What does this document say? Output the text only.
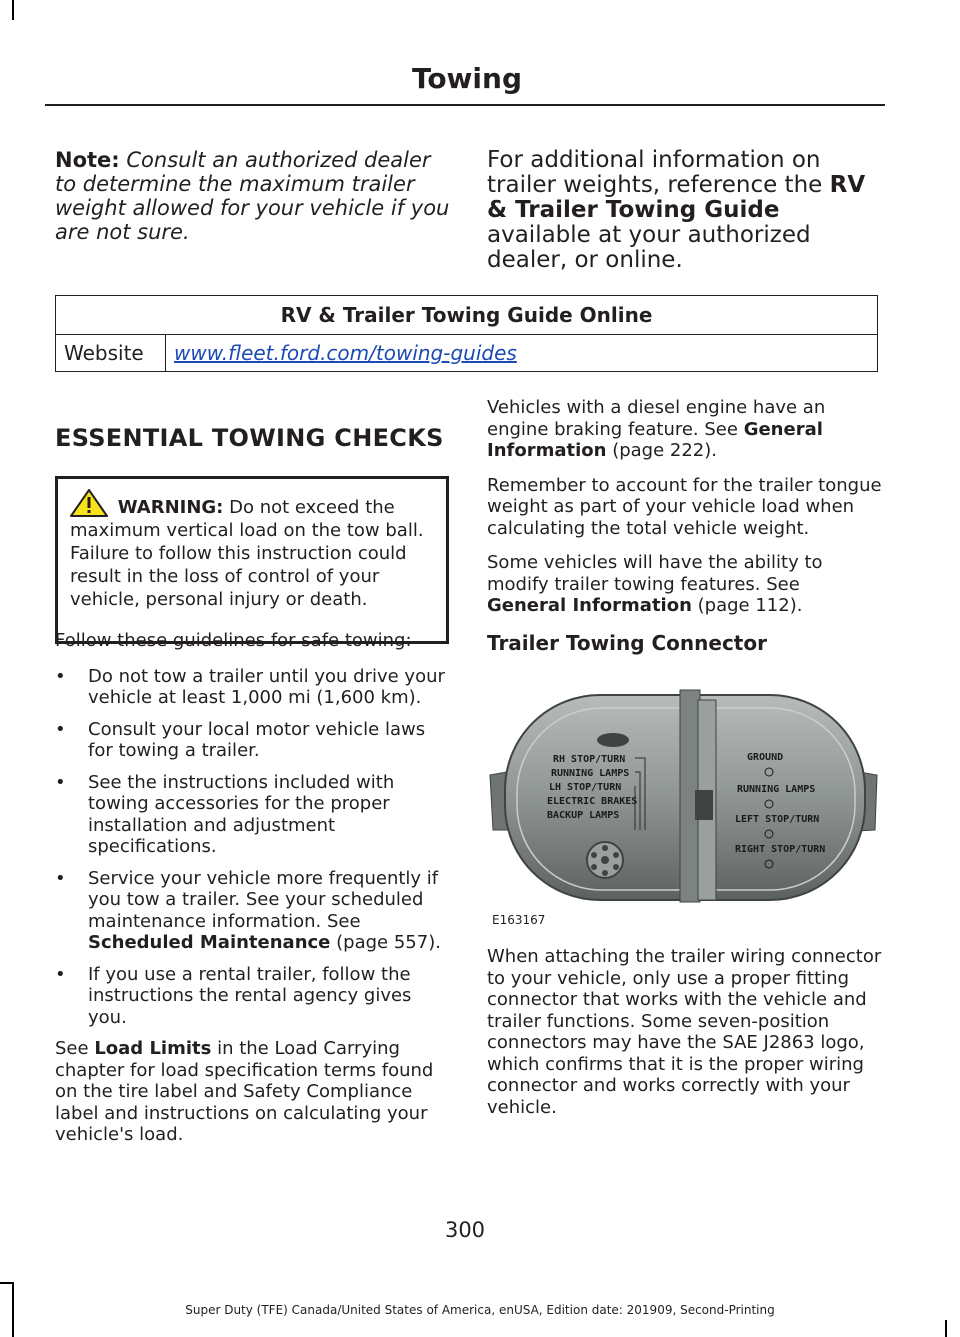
Towing
Note: Consult an authorized dealer to determine the maximum trailer weight allowed for your vehicle if you are not sure.
For additional information on trailer weights, reference the RV & Trailer Towing Guide available at your authorized dealer, or online.
RV & Trailer Towing Guide Online
Website	www.fleet.ford.com/towing-guides
ESSENTIAL TOWING CHECKS
WARNING: Do not exceed the maximum vertical load on the tow ball. Failure to follow this instruction could result in the loss of control of your vehicle, personal injury or death.

Follow these guidelines for safe towing:

• Do not tow a trailer until you drive your vehicle at least 1,000 mi (1,600 km).
• Consult your local motor vehicle laws for towing a trailer.
• See the instructions included with towing accessories for the proper installation and adjustment specifications.
• Service your vehicle more frequently if you tow a trailer. See your scheduled maintenance information. See Scheduled Maintenance (page 557).
• If you use a rental trailer, follow the instructions the rental agency gives you.

See Load Limits in the Load Carrying chapter for load specification terms found on the tire label and Safety Compliance label and instructions on calculating your vehicle's load.

Vehicles with a diesel engine have an engine braking feature. See General Information (page 222).

Remember to account for the trailer tongue weight as part of your vehicle load when calculating the total vehicle weight.

Some vehicles will have the ability to modify trailer towing features. See General Information (page 112).

Trailer Towing Connector
RH STOP/TURN
RUNNING LAMPS
LH STOP/TURN
ELECTRIC BRAKES
BACKUP LAMPS
GROUND
RUNNING LAMPS
LEFT STOP/TURN
RIGHT STOP/TURN
E163167
When attaching the trailer wiring connector to your vehicle, only use a proper fitting connector that works with the vehicle and trailer functions. Some seven-position connectors may have the SAE J2863 logo, which confirms that it is the proper wiring connector and works correctly with your vehicle.
300
Super Duty (TFE) Canada/United States of America, enUSA, Edition date: 201909, Second-Printing
